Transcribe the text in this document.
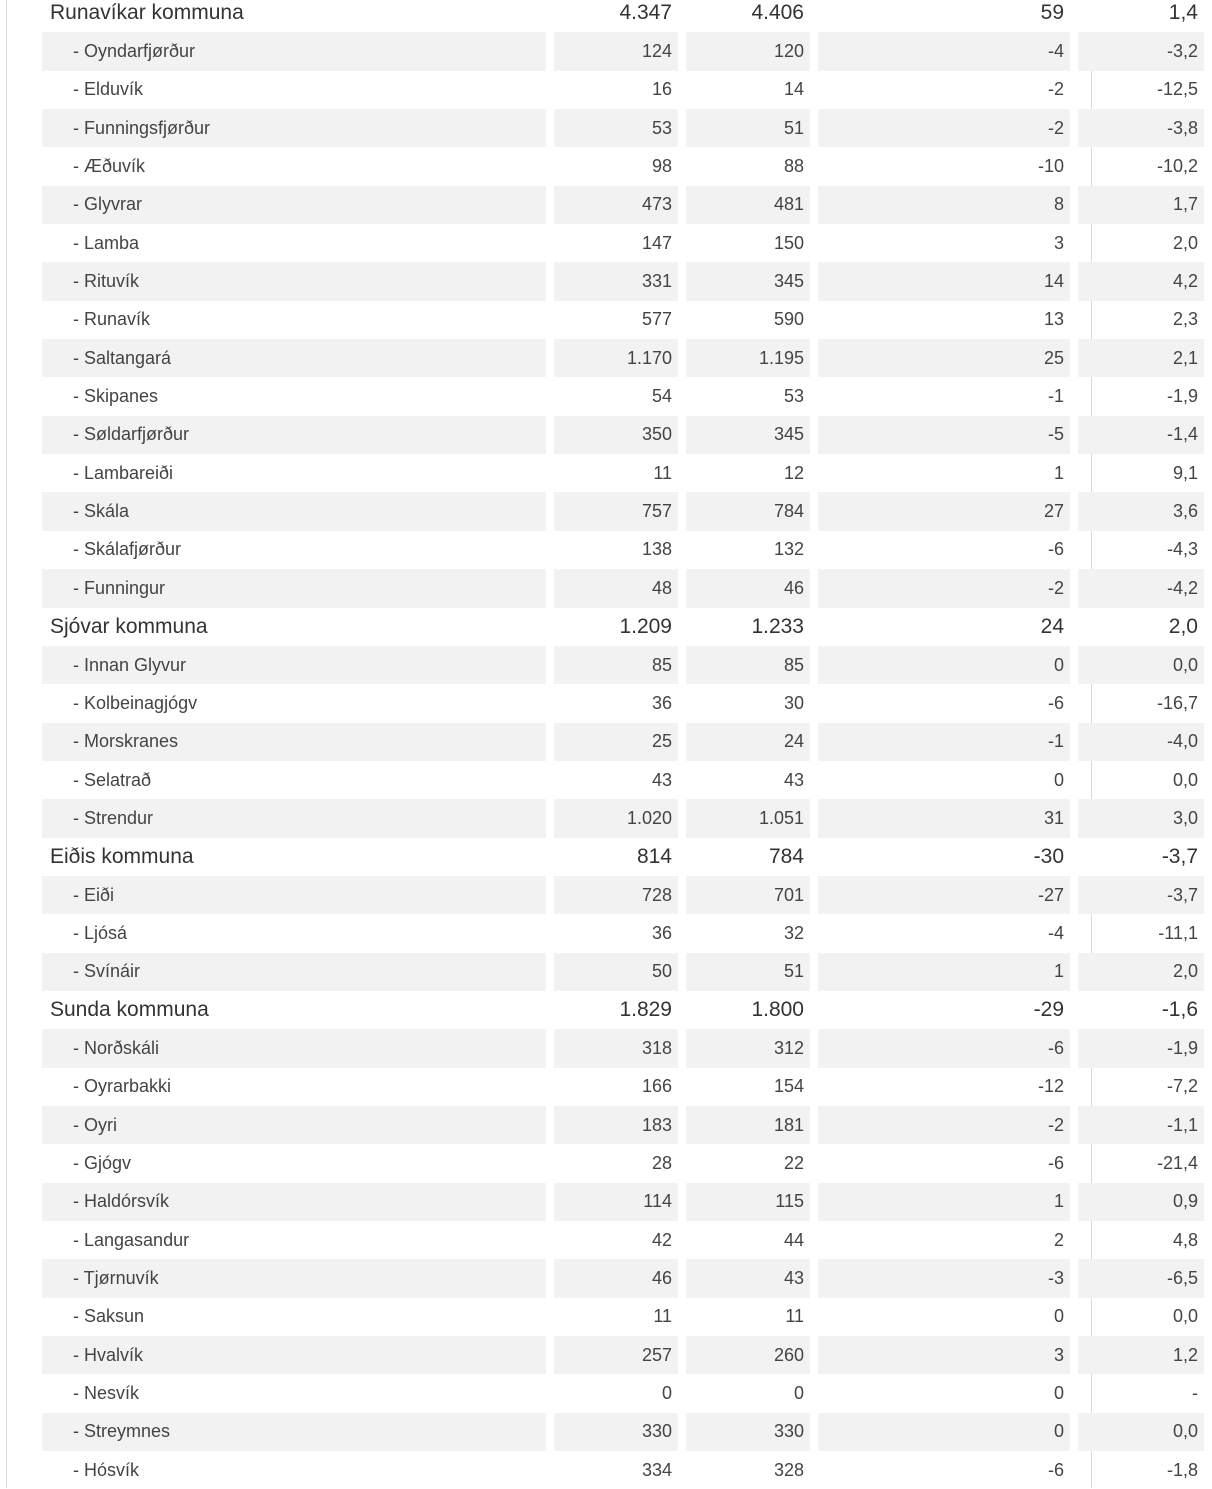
Runavíkar kommuna	4.347	4.406	59	1,4
- Oyndarfjørður	124	120	-4	-3,2
- Elduvík	16	14	-2	-12,5
- Funningsfjørður	53	51	-2	-3,8
- Æðuvík	98	88	-10	-10,2
- Glyvrar	473	481	8	1,7
- Lamba	147	150	3	2,0
- Rituvík	331	345	14	4,2
- Runavík	577	590	13	2,3
- Saltangará	1.170	1.195	25	2,1
- Skipanes	54	53	-1	-1,9
- Søldarfjørður	350	345	-5	-1,4
- Lambareiði	11	12	1	9,1
- Skála	757	784	27	3,6
- Skálafjørður	138	132	-6	-4,3
- Funningur	48	46	-2	-4,2
Sjóvar kommuna	1.209	1.233	24	2,0
- Innan Glyvur	85	85	0	0,0
- Kolbeinagjógv	36	30	-6	-16,7
- Morskranes	25	24	-1	-4,0
- Selatrað	43	43	0	0,0
- Strendur	1.020	1.051	31	3,0
Eiðis kommuna	814	784	-30	-3,7
- Eiði	728	701	-27	-3,7
- Ljósá	36	32	-4	-11,1
- Svínáir	50	51	1	2,0
Sunda kommuna	1.829	1.800	-29	-1,6
- Norðskáli	318	312	-6	-1,9
- Oyrarbakki	166	154	-12	-7,2
- Oyri	183	181	-2	-1,1
- Gjógv	28	22	-6	-21,4
- Haldórsvík	114	115	1	0,9
- Langasandur	42	44	2	4,8
- Tjørnuvík	46	43	-3	-6,5
- Saksun	11	11	0	0,0
- Hvalvík	257	260	3	1,2
- Nesvík	0	0	0	-
- Streymnes	330	330	0	0,0
- Hósvík	334	328	-6	-1,8
